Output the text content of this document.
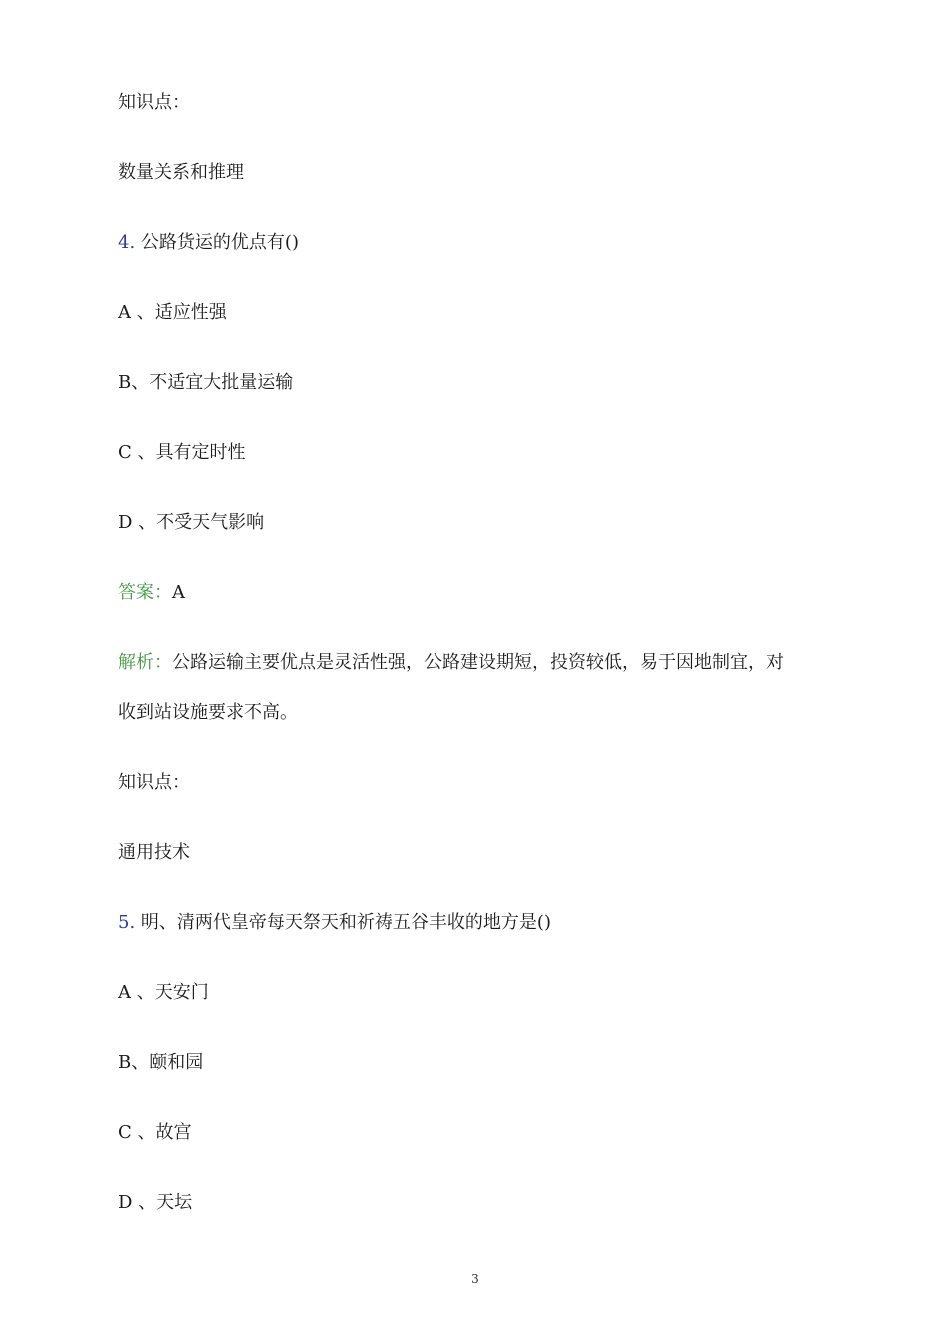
知识点：
数量关系和推理
4. 公路货运的优点有()
A 、适应性强
B、不适宜大批量运输
C 、具有定时性
D 、不受天气影响
答案：A
解析：公路运输主要优点是灵活性强，公路建设期短，投资较低，易于因地制宜，对
收到站设施要求不高。
知识点：
通用技术
5. 明、清两代皇帝每天祭天和祈祷五谷丰收的地方是()
A 、天安门
B、颐和园
C 、故宫
D 、天坛
3
